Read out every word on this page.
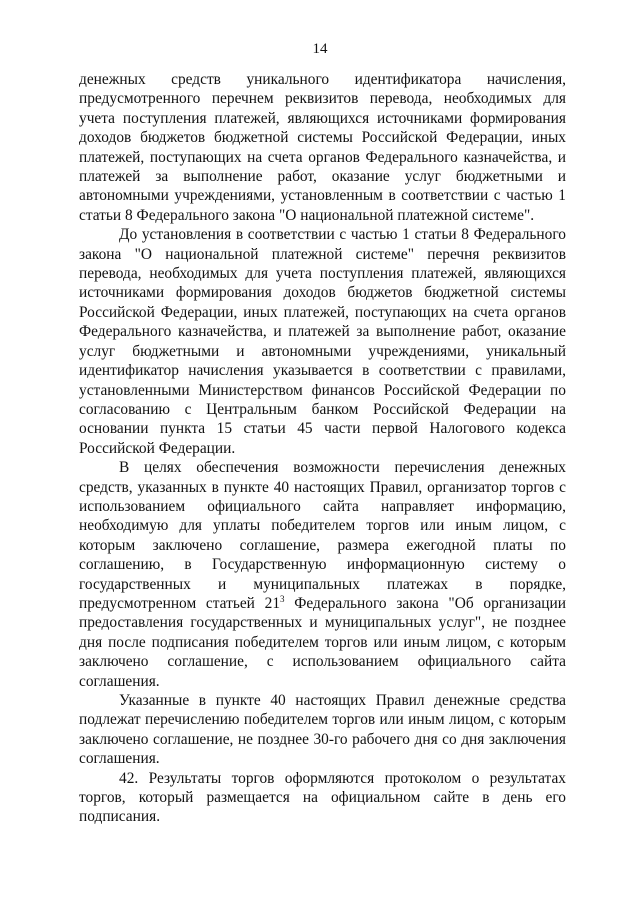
14

денежных средств уникального идентификатора начисления, предусмотренного перечнем реквизитов перевода, необходимых для учета поступления платежей, являющихся источниками формирования доходов бюджетов бюджетной системы Российской Федерации, иных платежей, поступающих на счета органов Федерального казначейства, и платежей за выполнение работ, оказание услуг бюджетными и автономными учреждениями, установленным в соответствии с частью 1 статьи 8 Федерального закона "О национальной платежной системе".

До установления в соответствии с частью 1 статьи 8 Федерального закона "О национальной платежной системе" перечня реквизитов перевода, необходимых для учета поступления платежей, являющихся источниками формирования доходов бюджетов бюджетной системы Российской Федерации, иных платежей, поступающих на счета органов Федерального казначейства, и платежей за выполнение работ, оказание услуг бюджетными и автономными учреждениями, уникальный идентификатор начисления указывается в соответствии с правилами, установленными Министерством финансов Российской Федерации по согласованию с Центральным банком Российской Федерации на основании пункта 15 статьи 45 части первой Налогового кодекса Российской Федерации.

В целях обеспечения возможности перечисления денежных средств, указанных в пункте 40 настоящих Правил, организатор торгов с использованием официального сайта направляет информацию, необходимую для уплаты победителем торгов или иным лицом, с которым заключено соглашение, размера ежегодной платы по соглашению, в Государственную информационную систему о государственных и муниципальных платежах в порядке, предусмотренном статьей $21^3$ Федерального закона "Об организации предоставления государственных и муниципальных услуг", не позднее дня после подписания победителем торгов или иным лицом, с которым заключено соглашение, с использованием официального сайта соглашения.

Указанные в пункте 40 настоящих Правил денежные средства подлежат перечислению победителем торгов или иным лицом, с которым заключено соглашение, не позднее 30-го рабочего дня со дня заключения соглашения.

42. Результаты торгов оформляются протоколом о результатах торгов, который размещается на официальном сайте в день его подписания.
